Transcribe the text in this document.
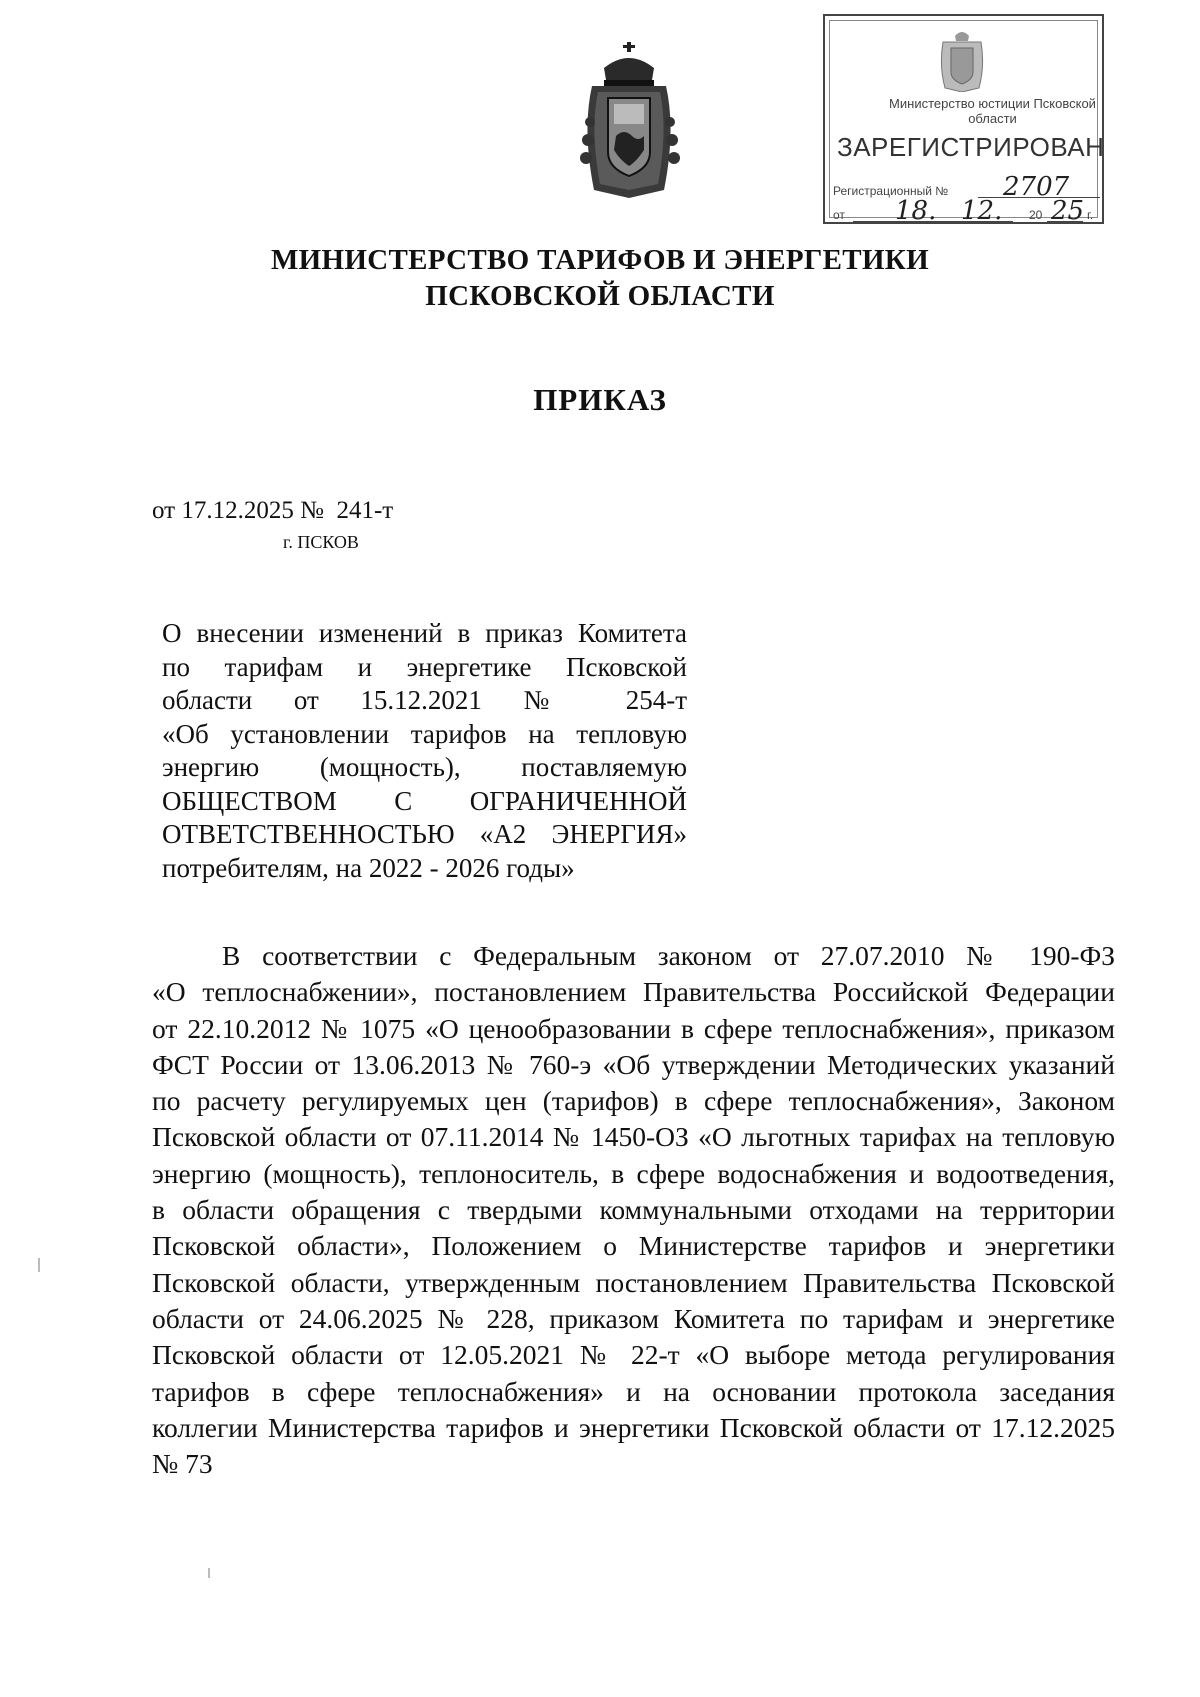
Министерство юстиции Псковской области
ЗАРЕГИСТРИРОВАН
Регистрационный № 2707
от 18. 12. 20 25 г.
МИНИСТЕРСТВО ТАРИФОВ И ЭНЕРГЕТИКИ
ПСКОВСКОЙ ОБЛАСТИ
ПРИКАЗ
от 17.12.2025 № 241-т
г. ПСКОВ
О внесении изменений в приказ Комитета
по тарифам и энергетике Псковской
области от 15.12.2021 № 254-т
«Об установлении тарифов на тепловую
энергию (мощность), поставляемую
ОБЩЕСТВОМ С ОГРАНИЧЕННОЙ
ОТВЕТСТВЕННОСТЬЮ «А2 ЭНЕРГИЯ»
потребителям, на 2022 - 2026 годы»
В соответствии с Федеральным законом от 27.07.2010 № 190-ФЗ
«О теплоснабжении», постановлением Правительства Российской Федерации
от 22.10.2012 № 1075 «О ценообразовании в сфере теплоснабжения», приказом
ФСТ России от 13.06.2013 № 760-э «Об утверждении Методических указаний
по расчету регулируемых цен (тарифов) в сфере теплоснабжения», Законом
Псковской области от 07.11.2014 № 1450-ОЗ «О льготных тарифах на тепловую
энергию (мощность), теплоноситель, в сфере водоснабжения и водоотведения,
в области обращения с твердыми коммунальными отходами на территории
Псковской области», Положением о Министерстве тарифов и энергетики
Псковской области, утвержденным постановлением Правительства Псковской
области от 24.06.2025 № 228, приказом Комитета по тарифам и энергетике
Псковской области от 12.05.2021 № 22-т «О выборе метода регулирования
тарифов в сфере теплоснабжения» и на основании протокола заседания
коллегии Министерства тарифов и энергетики Псковской области от 17.12.2025
№ 73
